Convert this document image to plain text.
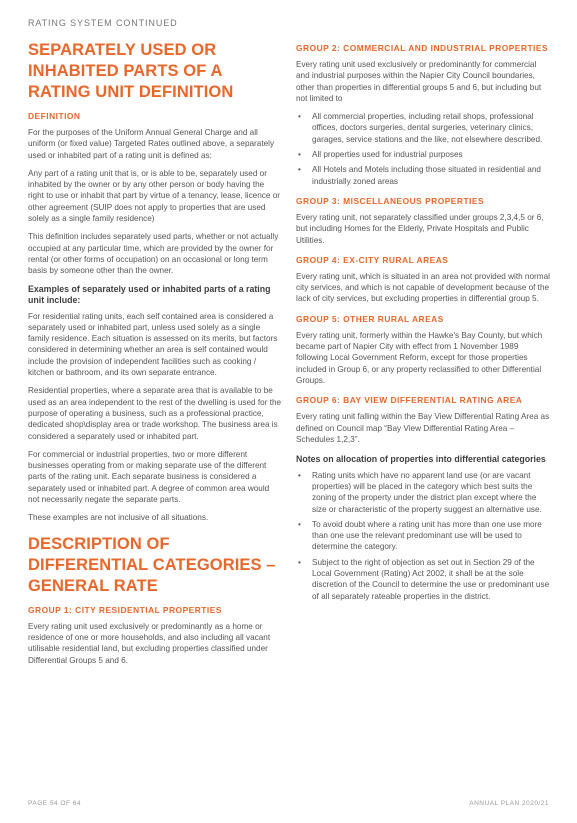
RATING SYSTEM CONTINUED
SEPARATELY USED OR INHABITED PARTS OF A RATING UNIT DEFINITION
DEFINITION

For the purposes of the Uniform Annual General Charge and all uniform (or fixed value) Targeted Rates outlined above, a separately used or inhabited part of a rating unit is defined as:

Any part of a rating unit that is, or is able to be, separately used or inhabited by the owner or by any other person or body having the right to use or inhabit that part by virtue of a tenancy, lease, licence or other agreement (SUIP does not apply to properties that are used solely as a single family residence)

This definition includes separately used parts, whether or not actually occupied at any particular time, which are provided by the owner for rental (or other forms of occupation) on an occasional or long term basis by someone other than the owner.

Examples of separately used or inhabited parts of a rating unit include:

For residential rating units, each self contained area is considered a separately used or inhabited part, unless used solely as a single family residence. Each situation is assessed on its merits, but factors considered in determining whether an area is self contained would include the provision of independent facilities such as cooking / kitchen or bathroom, and its own separate entrance.

Residential properties, where a separate area that is available to be used as an area independent to the rest of the dwelling is used for the purpose of operating a business, such as a professional practice, dedicated shop\display area or trade workshop. The business area is considered a separately used or inhabited part.

For commercial or industrial properties, two or more different businesses operating from or making separate use of the different parts of the rating unit. Each separate business is considered a separately used or inhabited part. A degree of common area would not necessarily negate the separate parts.

These examples are not inclusive of all situations.

DESCRIPTION OF DIFFERENTIAL CATEGORIES – GENERAL RATE
GROUP 1: CITY RESIDENTIAL PROPERTIES

Every rating unit used exclusively or predominantly as a home or residence of one or more households, and also including all vacant utilisable residential land, but excluding properties classified under Differential Groups 5 and 6.

GROUP 2: COMMERCIAL AND INDUSTRIAL PROPERTIES

Every rating unit used exclusively or predominantly for commercial and industrial purposes within the Napier City Council boundaries, other than properties in differential groups 5 and 6, but including but not limited to

• All commercial properties, including retail shops, professional offices, doctors surgeries, dental surgeries, veterinary clinics, garages, service stations and the like, not elsewhere described.
• All properties used for industrial purposes
• All Hotels and Motels including those situated in residential and industrially zoned areas
GROUP 3: MISCELLANEOUS PROPERTIES

Every rating unit, not separately classified under groups 2,3,4,5 or 6, but including Homes for the Elderly, Private Hospitals and Public Utilities.

GROUP 4: EX-CITY RURAL AREAS

Every rating unit, which is situated in an area not provided with normal city services, and which is not capable of development because of the lack of city services, but excluding properties in differential group 5.

GROUP 5: OTHER RURAL AREAS

Every rating unit, formerly within the Hawke's Bay County, but which became part of Napier City with effect from 1 November 1989 following Local Government Reform, except for those properties included in Group 6, or any property reclassified to other Differential Groups.

GROUP 6: BAY VIEW DIFFERENTIAL RATING AREA

Every rating unit falling within the Bay View Differential Rating Area as defined on Council map “Bay View Differential Rating Area – Schedules 1,2,3”.

Notes on allocation of properties into differential categories
• Rating units which have no apparent land use (or are vacant properties) will be placed in the category which best suits the zoning of the property under the district plan except where the size or characteristic of the property suggest an alternative use.
• To avoid doubt where a rating unit has more than one use more than one use the relevant predominant use will be used to determine the category.
• Subject to the right of objection as set out in Section 29 of the Local Government (Rating) Act 2002, it shall be at the sole discretion of the Council to determine the use or predominant use of all separately rateable properties in the district.
PAGE 54 OF 64	ANNUAL PLAN 2020/21
